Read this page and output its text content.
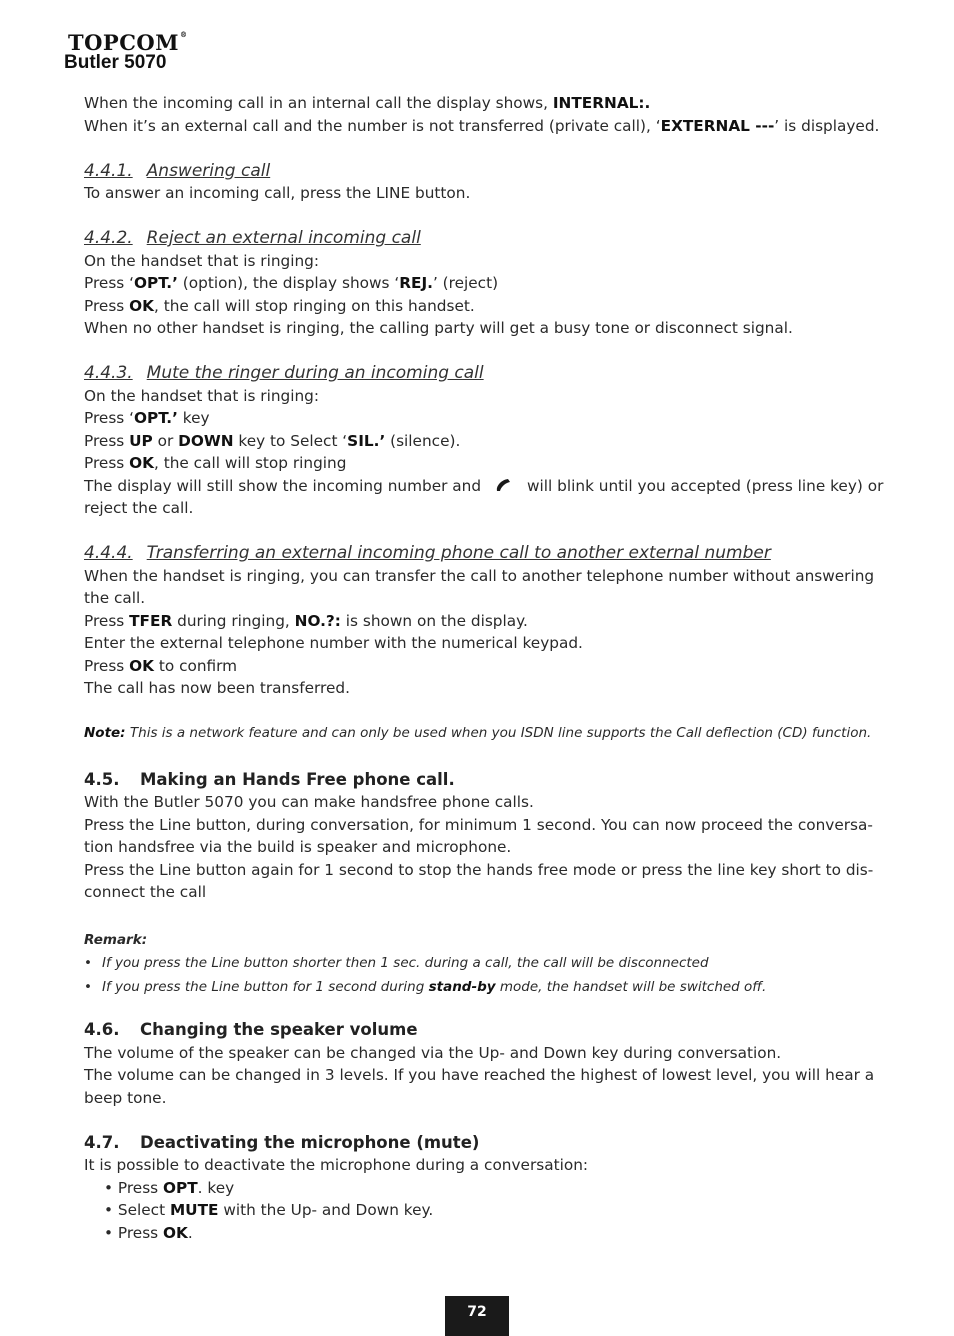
TOPCOM®
Butler 5070

When the incoming call in an internal call the display shows, INTERNAL:.

When it’s an external call and the number is not transferred (private call), ‘EXTERNAL ---’ is displayed.

4.4.1. Answering call

To answer an incoming call, press the LINE button.

4.4.2. Reject an external incoming call

On the handset that is ringing:

Press ‘OPT.’ (option), the display shows ‘REJ.’ (reject)

Press OK, the call will stop ringing on this handset.

When no other handset is ringing, the calling party will get a busy tone or disconnect signal.

4.4.3. Mute the ringer during an incoming call

On the handset that is ringing:

Press ‘OPT.’ key

Press UP or DOWN key to Select ‘SIL.’ (silence).

Press OK, the call will stop ringing

The display will still show the incoming number and	will blink until you accepted (press line key) or

reject the call.

4.4.4. Transferring an external incoming phone call to another external number

When the handset is ringing, you can transfer the call to another telephone number without answering

the call.

Press TFER during ringing, NO.?: is shown on the display.

Enter the external telephone number with the numerical keypad.

Press OK to confirm

The call has now been transferred.

Note: This is a network feature and can only be used when you ISDN line supports the Call deflection (CD) function.

4.5. Making an Hands Free phone call.

With the Butler 5070 you can make handsfree phone calls.

Press the Line button, during conversation, for minimum 1 second. You can now proceed the conversa-

tion handsfree via the build is speaker and microphone.

Press the Line button again for 1 second to stop the hands free mode or press the line key short to dis-

connect the call

Remark:

• If you press the Line button shorter then 1 sec. during a call, the call will be disconnected
• If you press the Line button for 1 second during stand-by mode, the handset will be switched off.

4.6. Changing the speaker volume

The volume of the speaker can be changed via the Up- and Down key during conversation.

The volume can be changed in 3 levels. If you have reached the highest of lowest level, you will hear a

beep tone.

4.7. Deactivating the microphone (mute)

It is possible to deactivate the microphone during a conversation:

• Press OPT. key
• Select MUTE with the Up- and Down key.
• Press OK.
72
